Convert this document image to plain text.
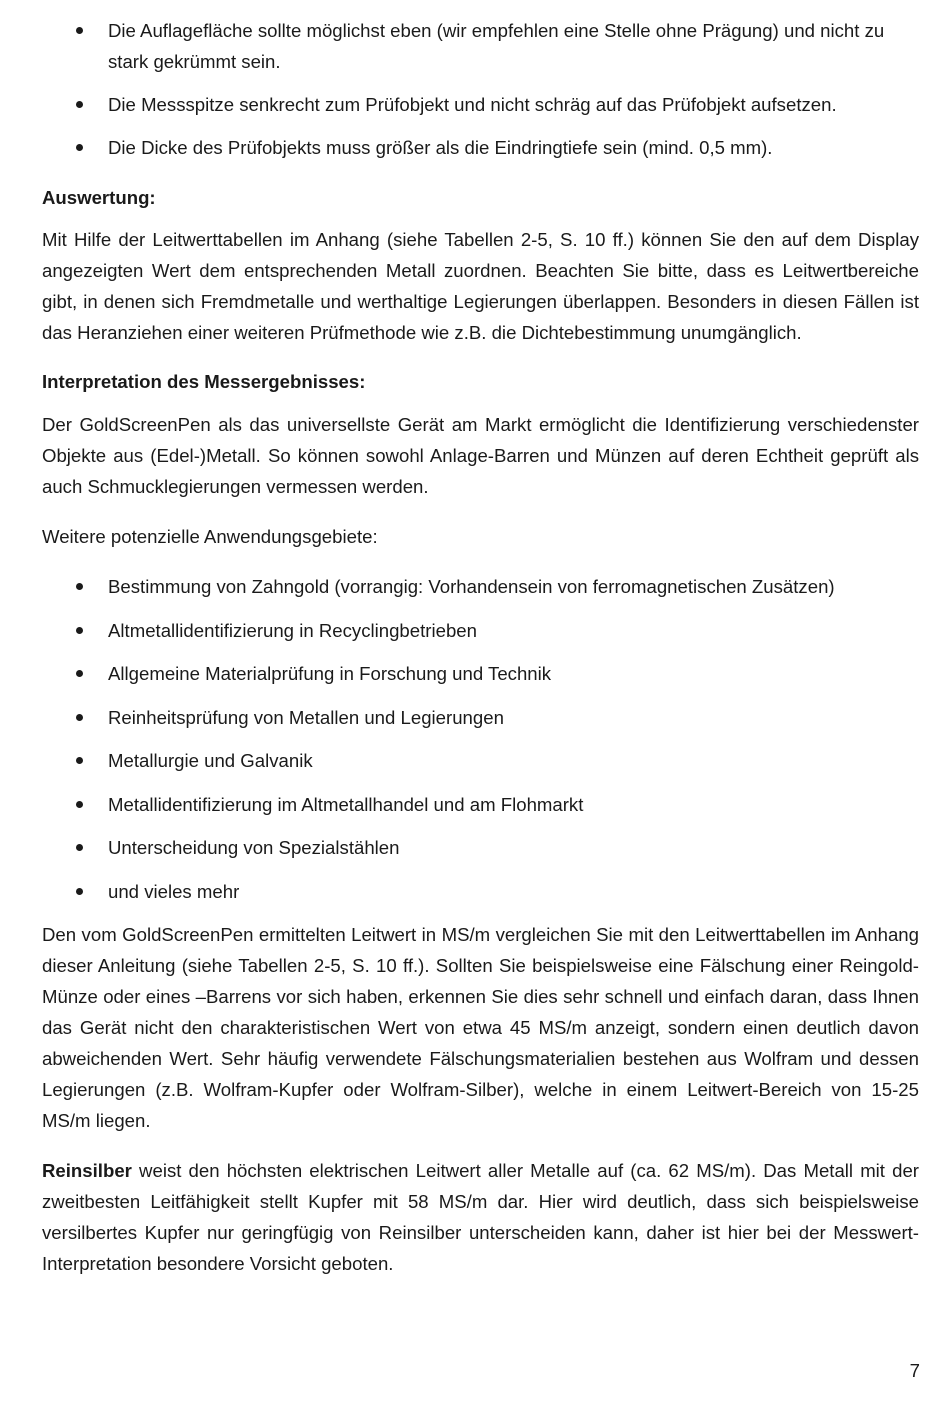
Die Auflagefläche sollte möglichst eben (wir empfehlen eine Stelle ohne Prägung) und nicht zu stark gekrümmt sein.
Die Messspitze senkrecht zum Prüfobjekt und nicht schräg auf das Prüfobjekt aufsetzen.
Die Dicke des Prüfobjekts muss größer als die Eindringtiefe sein (mind. 0,5 mm).

Auswertung:

Mit Hilfe der Leitwerttabellen im Anhang (siehe Tabellen 2-5, S. 10 ff.) können Sie den auf dem Display angezeigten Wert dem entsprechenden Metall zuordnen. Beachten Sie bitte, dass es Leitwertbereiche gibt, in denen sich Fremdmetalle und werthaltige Legierungen überlappen. Besonders in diesen Fällen ist das Heranziehen einer weiteren Prüfmethode wie z.B. die Dichtebestimmung unumgänglich.

Interpretation des Messergebnisses:

Der GoldScreenPen als das universellste Gerät am Markt ermöglicht die Identifizierung verschiedenster Objekte aus (Edel-)Metall. So können sowohl Anlage-Barren und Münzen auf deren Echtheit geprüft als auch Schmucklegierungen vermessen werden.

Weitere potenzielle Anwendungsgebiete:

Bestimmung von Zahngold (vorrangig: Vorhandensein von ferromagnetischen Zusätzen)
Altmetallidentifizierung in Recyclingbetrieben
Allgemeine Materialprüfung in Forschung und Technik
Reinheitsprüfung von Metallen und Legierungen
Metallurgie und Galvanik
Metallidentifizierung im Altmetallhandel und am Flohmarkt
Unterscheidung von Spezialstählen
und vieles mehr

Den vom GoldScreenPen ermittelten Leitwert in MS/m vergleichen Sie mit den Leitwerttabellen im Anhang dieser Anleitung (siehe Tabellen 2-5, S. 10 ff.). Sollten Sie beispielsweise eine Fälschung einer Reingold-Münze oder eines –Barrens vor sich haben, erkennen Sie dies sehr schnell und einfach daran, dass Ihnen das Gerät nicht den charakteristischen Wert von etwa 45 MS/m anzeigt, sondern einen deutlich davon abweichenden Wert. Sehr häufig verwendete Fälschungsmaterialien bestehen aus Wolfram und dessen Legierungen (z.B. Wolfram-Kupfer oder Wolfram-Silber), welche in einem Leitwert-Bereich von 15-25 MS/m liegen.

Reinsilber weist den höchsten elektrischen Leitwert aller Metalle auf (ca. 62 MS/m). Das Metall mit der zweitbesten Leitfähigkeit stellt Kupfer mit 58 MS/m dar. Hier wird deutlich, dass sich beispielsweise versilbertes Kupfer nur geringfügig von Reinsilber unterscheiden kann, daher ist hier bei der Messwert-Interpretation besondere Vorsicht geboten.

7
